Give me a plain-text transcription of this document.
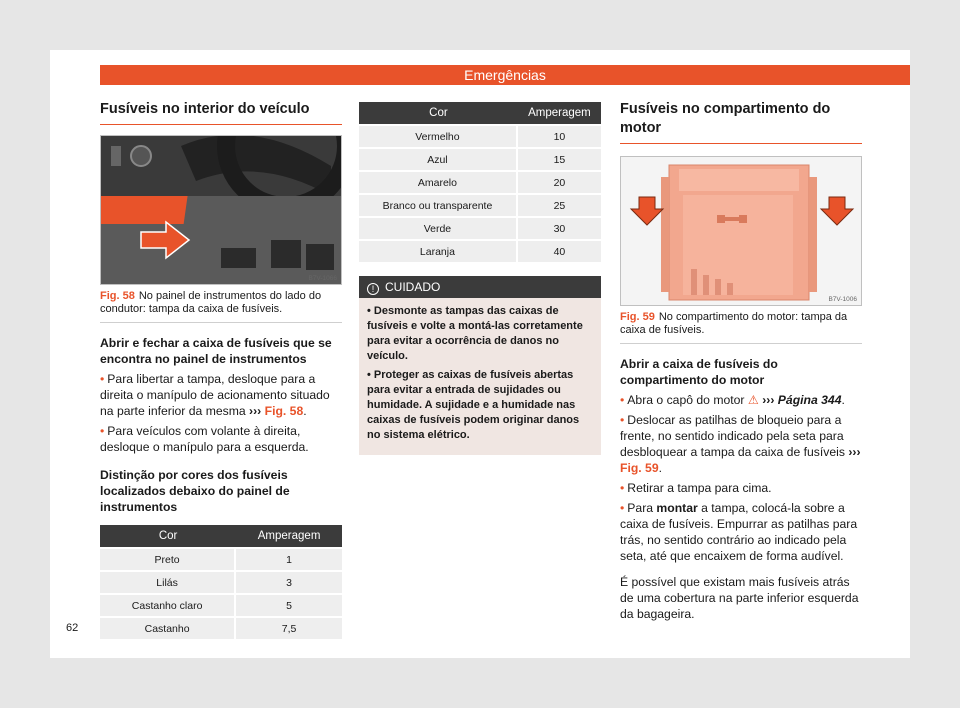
Emergências
Fusíveis no interior do veículo
B7V-1066
Fig. 58 No painel de instrumentos do lado do condutor: tampa da caixa de fusíveis.
Abrir e fechar a caixa de fusíveis que se encontra no painel de instrumentos
• Para libertar a tampa, desloque para a direita o manípulo de acionamento situado na parte inferior da mesma ››› Fig. 58.
• Para veículos com volante à direita, desloque o manípulo para a esquerda.
Distinção por cores dos fusíveis localizados debaixo do painel de instrumentos
Cor	Amperagem
Preto	1
Lilás	3
Castanho claro	5
Castanho	7,5
Cor	Amperagem
Vermelho	10
Azul	15
Amarelo	20
Branco ou transparente	25
Verde	30
Laranja	40
! CUIDADO
• Desmonte as tampas das caixas de fusíveis e volte a montá-las corretamente para evitar a ocorrência de danos no veículo.
• Proteger as caixas de fusíveis abertas para evitar a entrada de sujidades ou humidade. A sujidade e a humidade nas caixas de fusíveis podem originar danos no sistema elétrico.
Fusíveis no compartimento do motor
B7V-1006
Fig. 59 No compartimento do motor: tampa da caixa de fusíveis.
Abrir a caixa de fusíveis do compartimento do motor
• Abra o capô do motor ⚠ ››› Página 344.
• Deslocar as patilhas de bloqueio para a frente, no sentido indicado pela seta para desbloquear a tampa da caixa de fusíveis ››› Fig. 59.
• Retirar a tampa para cima.
• Para montar a tampa, colocá-la sobre a caixa de fusíveis. Empurrar as patilhas para trás, no sentido contrário ao indicado pela seta, até que encaixem de forma audível.
É possível que existam mais fusíveis atrás de uma cobertura na parte inferior esquerda da bagageira.
62
